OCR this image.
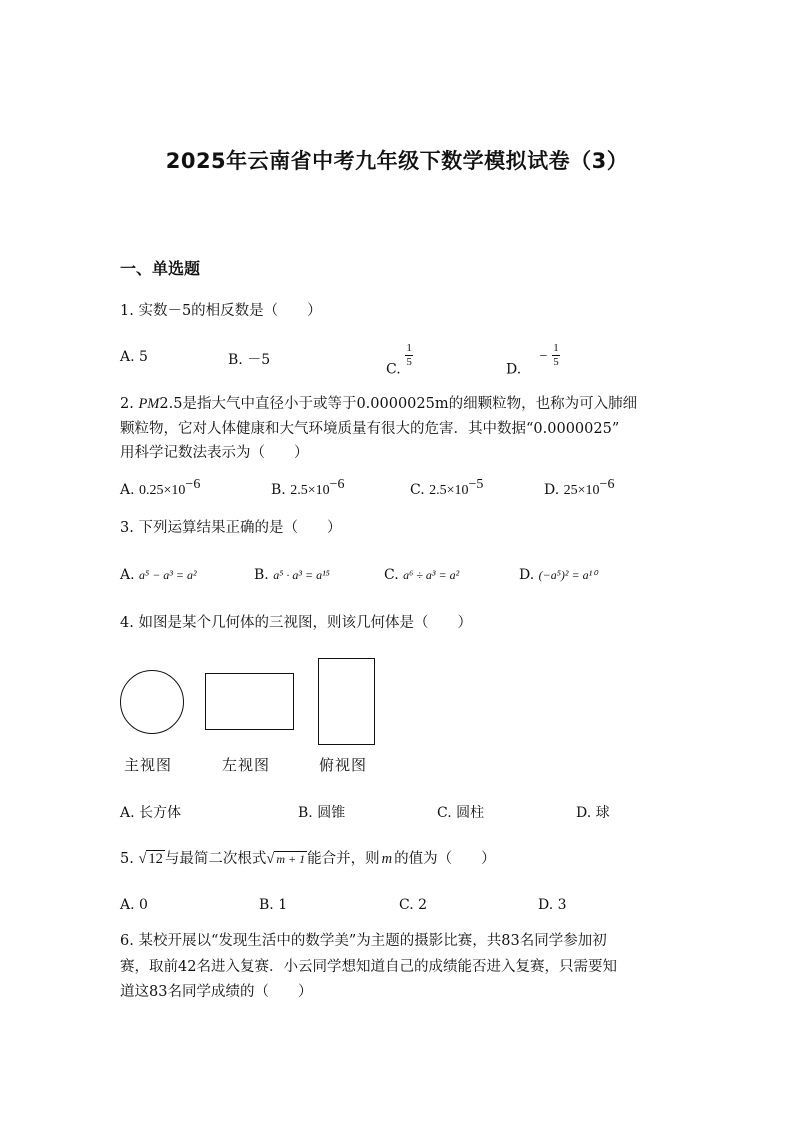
2025年云南省中考九年级下数学模拟试卷（3）
一、单选题
1. 实数－5的相反数是（　　）
A. 5	B. －5
C.
$\frac{1}{5}$
D. − $\frac{1}{5}$
2. PM2.5是指大气中直径小于或等于0.0000025m的细颗粒物，也称为可入肺细
颗粒物，它对人体健康和大气环境质量有很大的危害．其中数据“0.0000025”
用科学记数法表示为（　　）
A. $0.25\times 10^{-6}$	B. $2.5\times 10^{-6}$	C. $2.5\times 10^{-5}$	D. $25\times 10^{-6}$
3. 下列运算结果正确的是（　　）
A. a⁵ − a³ = a²	B. a⁵ · a³ = a¹⁵	C. a⁶ ÷ a³ = a²	D. (−a⁵)² = a¹⁰
4. 如图是某个几何体的三视图，则该几何体是（　　）
主视图	左视图	俯视图
A. 长方体	B. 圆锥	C. 圆柱	D. 球
5. √ 12 与最简二次根式√ m + 1 能合并，则 m 的值为（　　）
A. 0	B. 1	C. 2	D. 3
6. 某校开展以“发现生活中的数学美”为主题的摄影比赛，共83名同学参加初
赛，取前42名进入复赛．小云同学想知道自己的成绩能否进入复赛，只需要知
道这83名同学成绩的（　　）
